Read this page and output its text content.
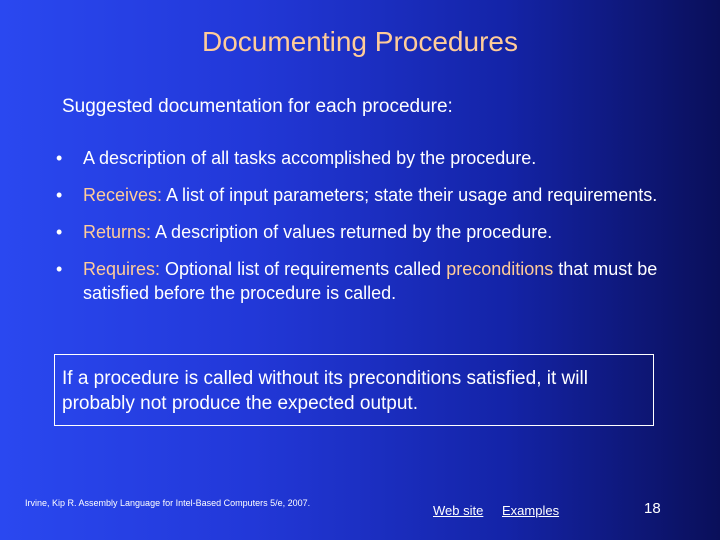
Documenting Procedures
Suggested documentation for each procedure:
• A description of all tasks accomplished by the procedure.
• Receives: A list of input parameters; state their usage and requirements.
• Returns: A description of values returned by the procedure.
• Requires: Optional list of requirements called preconditions that must be satisfied before the procedure is called.
If a procedure is called without its preconditions satisfied, it will probably not produce the expected output.
Irvine, Kip R. Assembly Language for Intel-Based Computers 5/e, 2007.	Web site Examples	18
